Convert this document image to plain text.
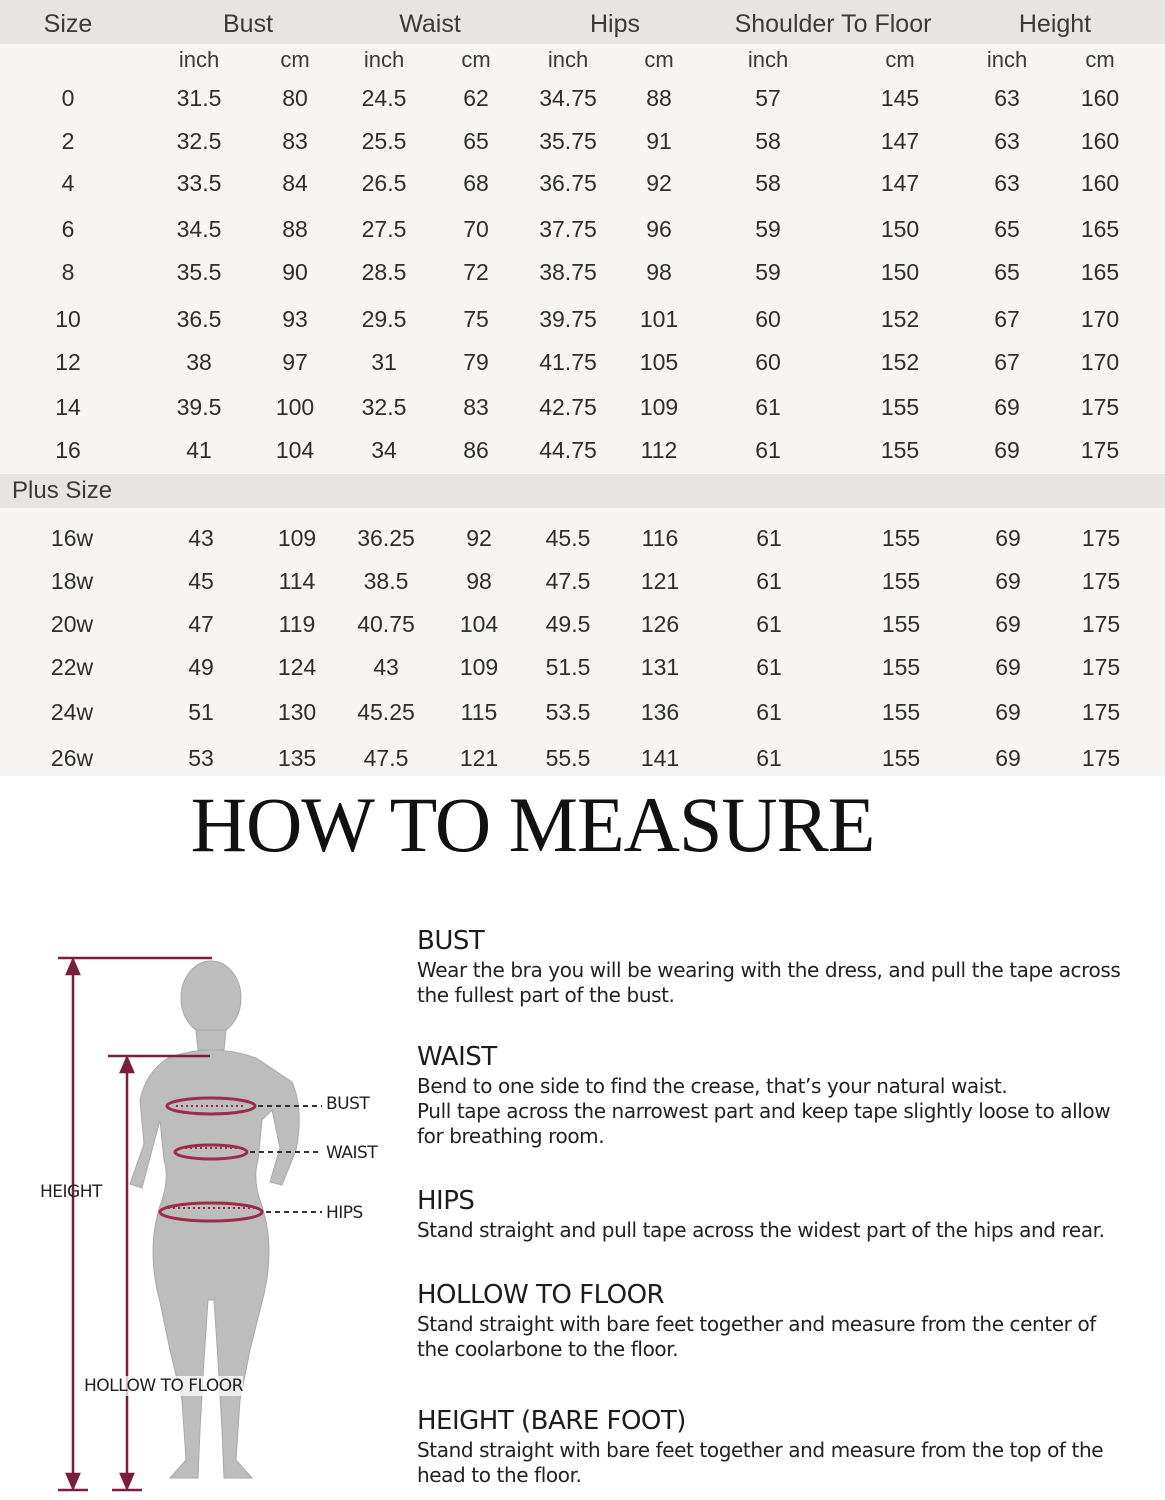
Size	Bust	Waist	Hips	Shoulder To Floor	Height
inch	cm inch	cm	inch	cm	inch	cm	inch	cm
0	31.5	80 24.5 62 34.75 88	57	145	63	160
2	32.5	83 25.5 65 35.75 91	58	147	63	160
4	33.5	84 26.5 68 36.75 92	58	147	63	160
6	34.5	88 27.5 70 37.75 96	59	150	65	165
8	35.5	90 28.5 72 38.75 98	59	150	65	165
10	36.5	93 29.5 75 39.75 101	60	152	67	170
12	38	97	31	79 41.75 105	60	152	67	170
14	39.5 100 32.5 83 42.75 109	61	155	69	175
16	41	104 34	86 44.75 112	61	155	69	175
Plus Size
16w	43	109 36.25 92 45.5 116	61	155	69	175
18w	45	114 38.5	98 47.5 121	61	155	69	175
20w	47	119 40.75 104 49.5 126	61	155	69	175
22w	49	124 43	109 51.5 131	61	155	69	175
24w	51	130 45.25 115 53.5 136	61	155	69	175
26w	53	135 47.5 121 55.5 141	61	155	69	175
HOW TO MEASURE
BUST
WAIST
HIPS
HEIGHT
HOLLOW TO FLOOR
BUST
Wear the bra you will be wearing with the dress, and pull the tape across
the fullest part of the bust.
WAIST
Bend to one side to find the crease, that’s your natural waist.
Pull tape across the narrowest part and keep tape slightly loose to allow
for breathing room.
HIPS
Stand straight and pull tape across the widest part of the hips and rear.
HOLLOW TO FLOOR
Stand straight with bare feet together and measure from the center of
the coolarbone to the floor.
HEIGHT (BARE FOOT)
Stand straight with bare feet together and measure from the top of the
head to the floor.
